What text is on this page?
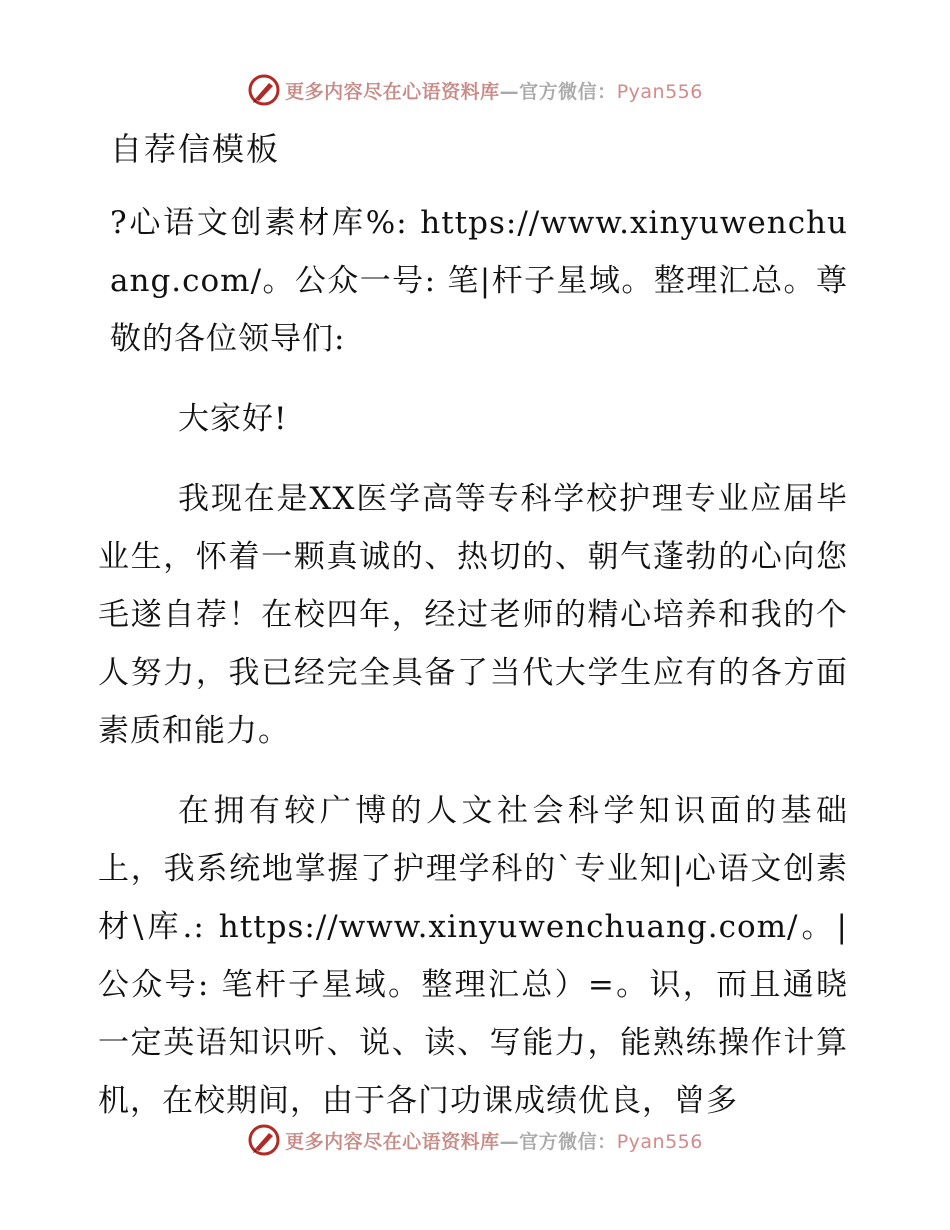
更多内容尽在心语资料库—官方微信：Pyan556
自荐信模板

?心语文创素材库%: https://www.xinyuwenchuang.com/。公众一号: 笔|杆子星域。整理汇总。尊敬的各位领导们:

大家好!

我现在是XX医学高等专科学校护理专业应届毕业生，怀着一颗真诚的、热切的、朝气蓬勃的心向您毛遂自荐！在校四年，经过老师的精心培养和我的个人努力，我已经完全具备了当代大学生应有的各方面素质和能力。

在拥有较广博的人文社会科学知识面的基础上，我系统地掌握了护理学科的`专业知|心语文创素材\库.: https://www.xinyuwenchuang.com/。|公众号: 笔杆子星域。整理汇总）=。识，而且通晓一定英语知识听、说、读、写能力，能熟练操作计算机，在校期间，由于各门功课成绩优良，曾多

更多内容尽在心语资料库—官方微信：Pyan556
